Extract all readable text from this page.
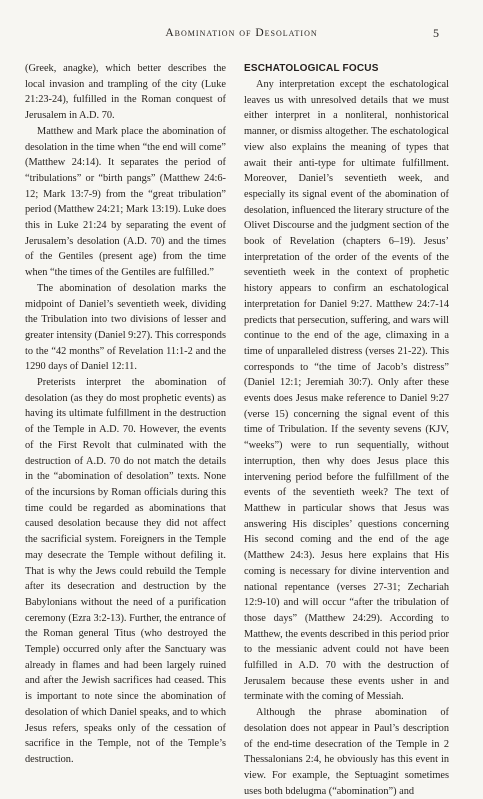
Abomination of Desolation	5

(Greek, anagke), which better describes the local invasion and trampling of the city (Luke 21:23-24), fulfilled in the Roman conquest of Jerusalem in A.D. 70.

Matthew and Mark place the abomination of desolation in the time when “the end will come” (Matthew 24:14). It separates the period of “tribulations” or “birth pangs” (Matthew 24:6-12; Mark 13:7-9) from the “great tribulation” period (Matthew 24:21; Mark 13:19). Luke does this in Luke 21:24 by separating the event of Jerusalem’s desolation (A.D. 70) and the times of the Gentiles (present age) from the time when “the times of the Gentiles are fulfilled.”

The abomination of desolation marks the midpoint of Daniel’s seventieth week, dividing the Tribulation into two divisions of lesser and greater intensity (Daniel 9:27). This corresponds to the “42 months” of Revelation 11:1-2 and the 1290 days of Daniel 12:11.

Preterists interpret the abomination of desolation (as they do most prophetic events) as having its ultimate fulfillment in the destruction of the Temple in A.D. 70. However, the events of the First Revolt that culminated with the destruction of A.D. 70 do not match the details in the “abomination of desolation” texts. None of the incursions by Roman officials during this time could be regarded as abominations that caused desolation because they did not affect the sacrificial system. Foreigners in the Temple may desecrate the Temple without defiling it. That is why the Jews could rebuild the Temple after its desecration and destruction by the Babylonians without the need of a purification ceremony (Ezra 3:2-13). Further, the entrance of the Roman general Titus (who destroyed the Temple) occurred only after the Sanctuary was already in flames and had been largely ruined and after the Jewish sacrifices had ceased. This is important to note since the abomination of desolation of which Daniel speaks, and to which Jesus refers, speaks only of the cessation of sacrifice in the Temple, not of the Temple’s destruction.

ESCHATOLOGICAL FOCUS

Any interpretation except the eschatological leaves us with unresolved details that we must either interpret in a nonliteral, nonhistorical manner, or dismiss altogether. The eschatological view also explains the meaning of types that await their anti-type for ultimate fulfillment. Moreover, Daniel’s seventieth week, and especially its signal event of the abomination of desolation, influenced the literary structure of the Olivet Discourse and the judgment section of the book of Revelation (chapters 6–19). Jesus’ interpretation of the order of the events of the seventieth week in the context of prophetic history appears to confirm an eschatological interpretation for Daniel 9:27. Matthew 24:7-14 predicts that persecution, suffering, and wars will continue to the end of the age, climaxing in a time of unparalleled distress (verses 21-22). This corresponds to “the time of Jacob’s distress” (Daniel 12:1; Jeremiah 30:7). Only after these events does Jesus make reference to Daniel 9:27 (verse 15) concerning the signal event of this time of Tribulation. If the seventy sevens (KJV, “weeks”) were to run sequentially, without interruption, then why does Jesus place this intervening period before the fulfillment of the events of the seventieth week? The text of Matthew in particular shows that Jesus was answering His disciples’ questions concerning His second coming and the end of the age (Matthew 24:3). Jesus here explains that His coming is necessary for divine intervention and national repentance (verses 27-31; Zechariah 12:9-10) and will occur “after the tribulation of those days” (Matthew 24:29). According to Matthew, the events described in this period prior to the messianic advent could not have been fulfilled in A.D. 70 with the destruction of Jerusalem because these events usher in and terminate with the coming of Messiah.

Although the phrase abomination of desolation does not appear in Paul’s description of the end-time desecration of the Temple in 2 Thessalonians 2:4, he obviously has this event in view. For example, the Septuagint sometimes uses both bdelugma (“abomination”) and
